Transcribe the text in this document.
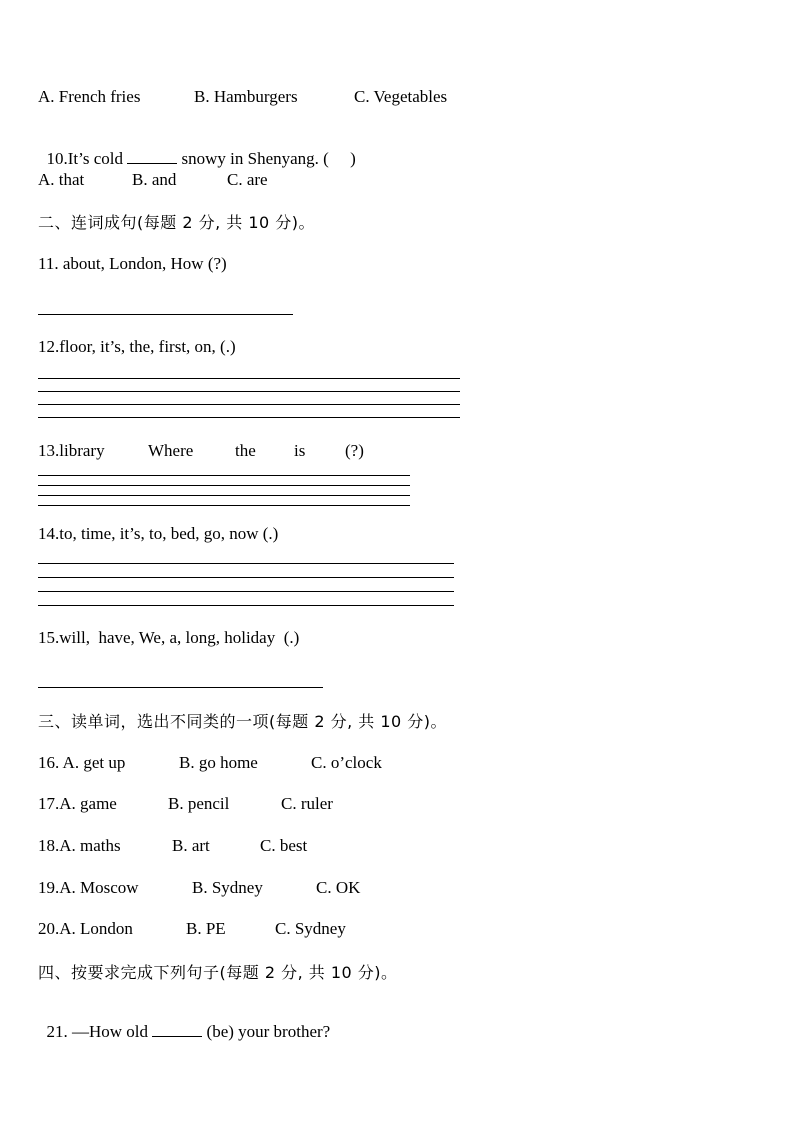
A. French fries	B. Hamburgers	C. Vegetables

10.It’s cold	snowy in Shenyang. (     )

A. that	B. and	C. are
二、连词成句(每题 2 分, 共 10 分)。
11. about, London, How (?)
12.floor, it’s, the, first, on, (.)
13.library	Where the is (?)
14.to, time, it’s, to, bed, go, now (.)
15.will,  have, We, a, long, holiday  (.)
三、读单词，选出不同类的一项(每题 2 分, 共 10 分)。
16. A. get up	B. go home	C. o’clock
17.A. game	B. pencil	C. ruler
18.A. maths	B. art	C. best
19.A. Moscow	B. Sydney	C. OK
20.A. London	B. PE	C. Sydney
四、按要求完成下列句子(每题 2 分, 共 10 分)。

21. —How old	(be) your brother?
